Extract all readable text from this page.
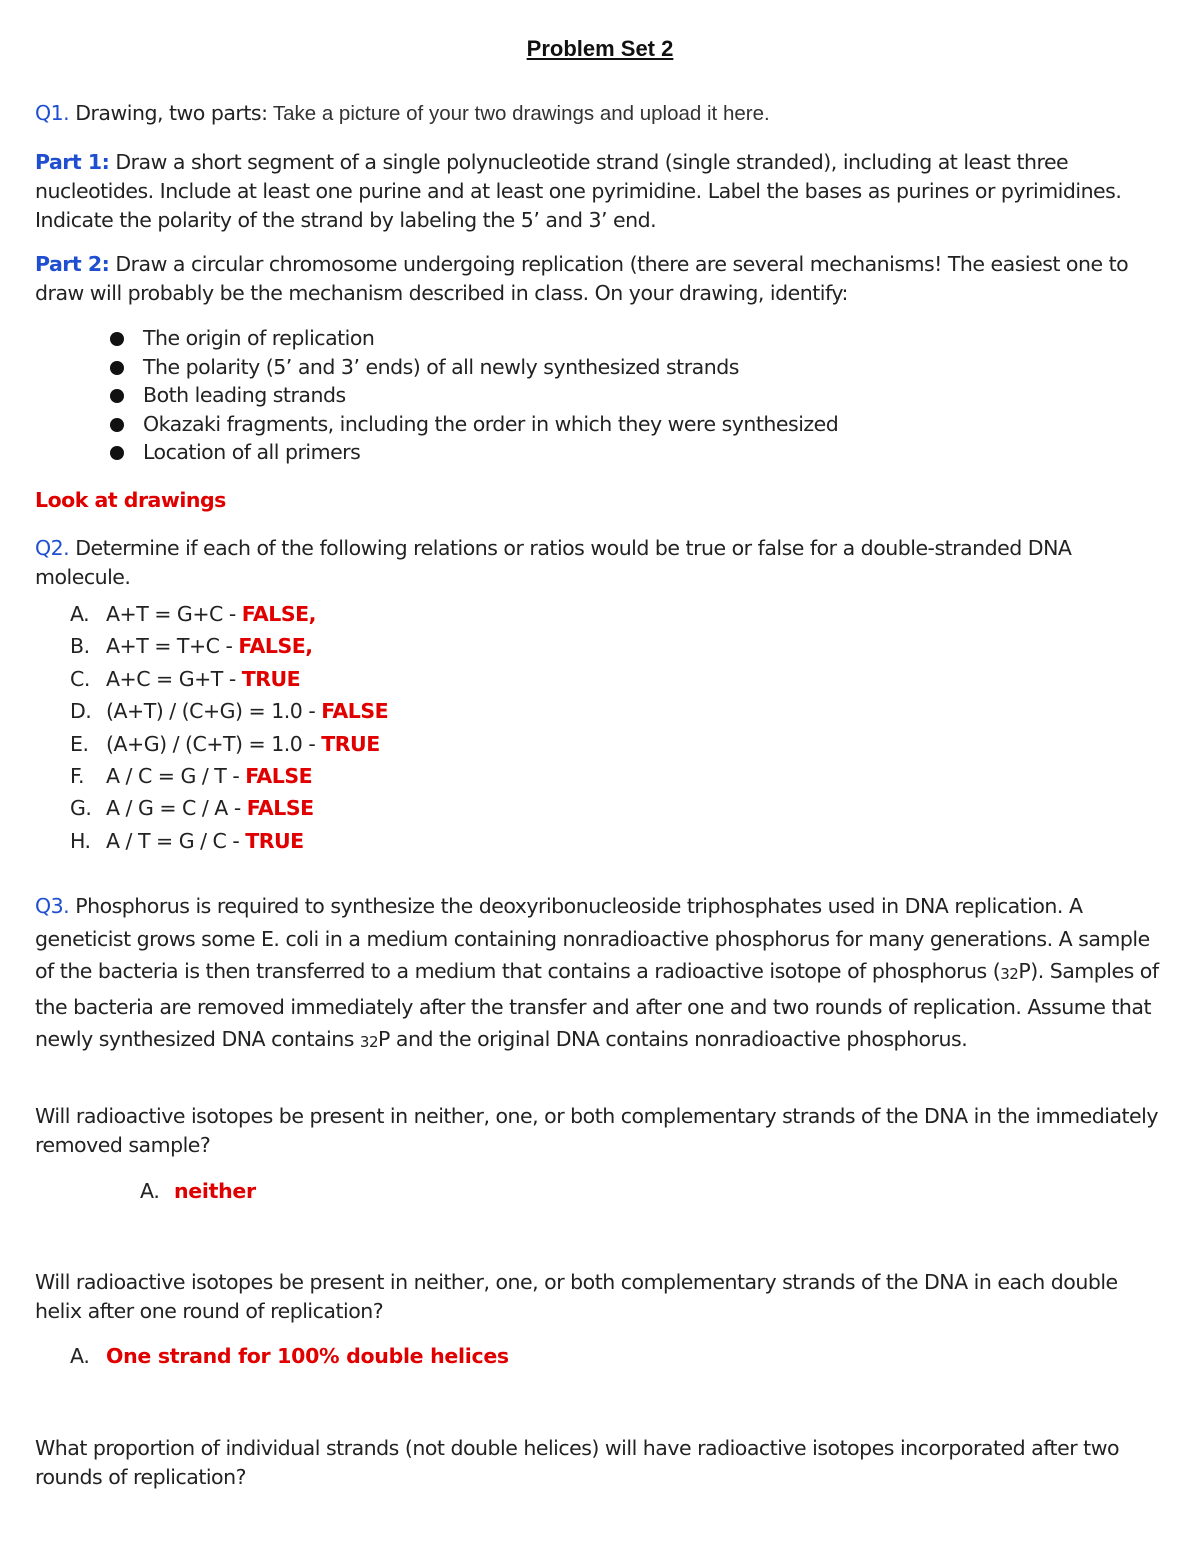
Problem Set 2

Q1. Drawing, two parts: Take a picture of your two drawings and upload it here.

Part 1: Draw a short segment of a single polynucleotide strand (single stranded), including at least three nucleotides. Include at least one purine and at least one pyrimidine. Label the bases as purines or pyrimidines. Indicate the polarity of the strand by labeling the 5’ and 3’ end.

Part 2: Draw a circular chromosome undergoing replication (there are several mechanisms! The easiest one to draw will probably be the mechanism described in class. On your drawing, identify:

The origin of replication
The polarity (5’ and 3’ ends) of all newly synthesized strands
Both leading strands
Okazaki fragments, including the order in which they were synthesized
Location of all primers

Look at drawings

Q2. Determine if each of the following relations or ratios would be true or false for a double-stranded DNA molecule.

A. A+T = G+C - FALSE,
B. A+T = T+C - FALSE,
C. A+C = G+T - TRUE
D. (A+T) / (C+G) = 1.0 - FALSE
E. (A+G) / (C+T) = 1.0 - TRUE
F. A / C = G / T - FALSE
G. A / G = C / A - FALSE
H. A / T = G / C - TRUE

Q3. Phosphorus is required to synthesize the deoxyribonucleoside triphosphates used in DNA replication. A geneticist grows some E. coli in a medium containing nonradioactive phosphorus for many generations. A sample of the bacteria is then transferred to a medium that contains a radioactive isotope of phosphorus $(_{32}P)$. Samples of the bacteria are removed immediately after the transfer and after one and two rounds of replication. Assume that newly synthesized DNA contains $_{32}$P and the original DNA contains nonradioactive phosphorus.

Will radioactive isotopes be present in neither, one, or both complementary strands of the DNA in the immediately removed sample?

A. neither

Will radioactive isotopes be present in neither, one, or both complementary strands of the DNA in each double helix after one round of replication?

A. One strand for 100% double helices

What proportion of individual strands (not double helices) will have radioactive isotopes incorporated after two rounds of replication?
